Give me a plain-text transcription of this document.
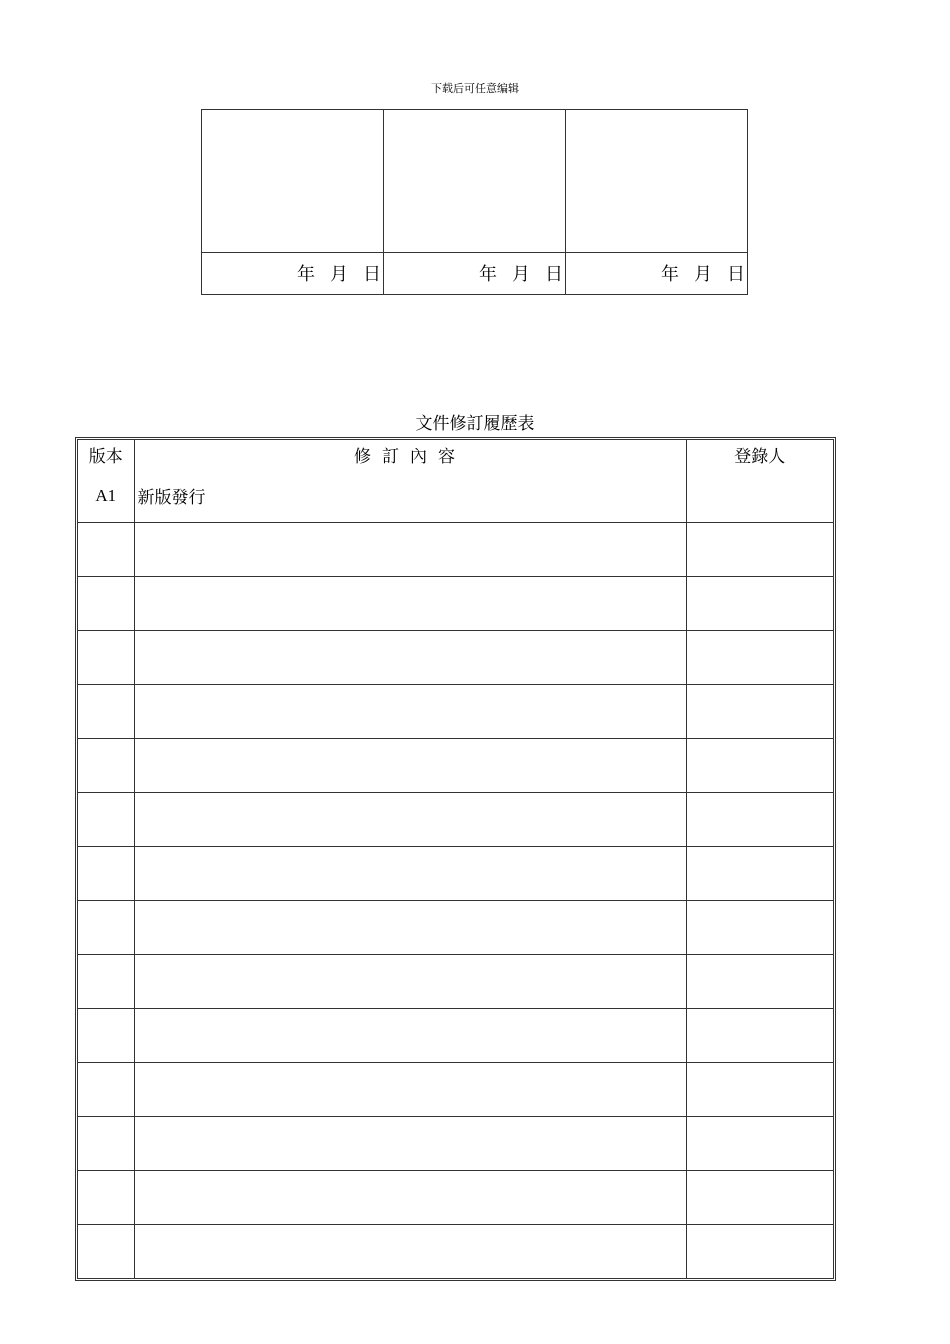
下载后可任意编辑

年 月 日	年 月 日	年 月 日
文件修訂履歷表
版本	修訂內容	登錄人
A1	新版發行	
